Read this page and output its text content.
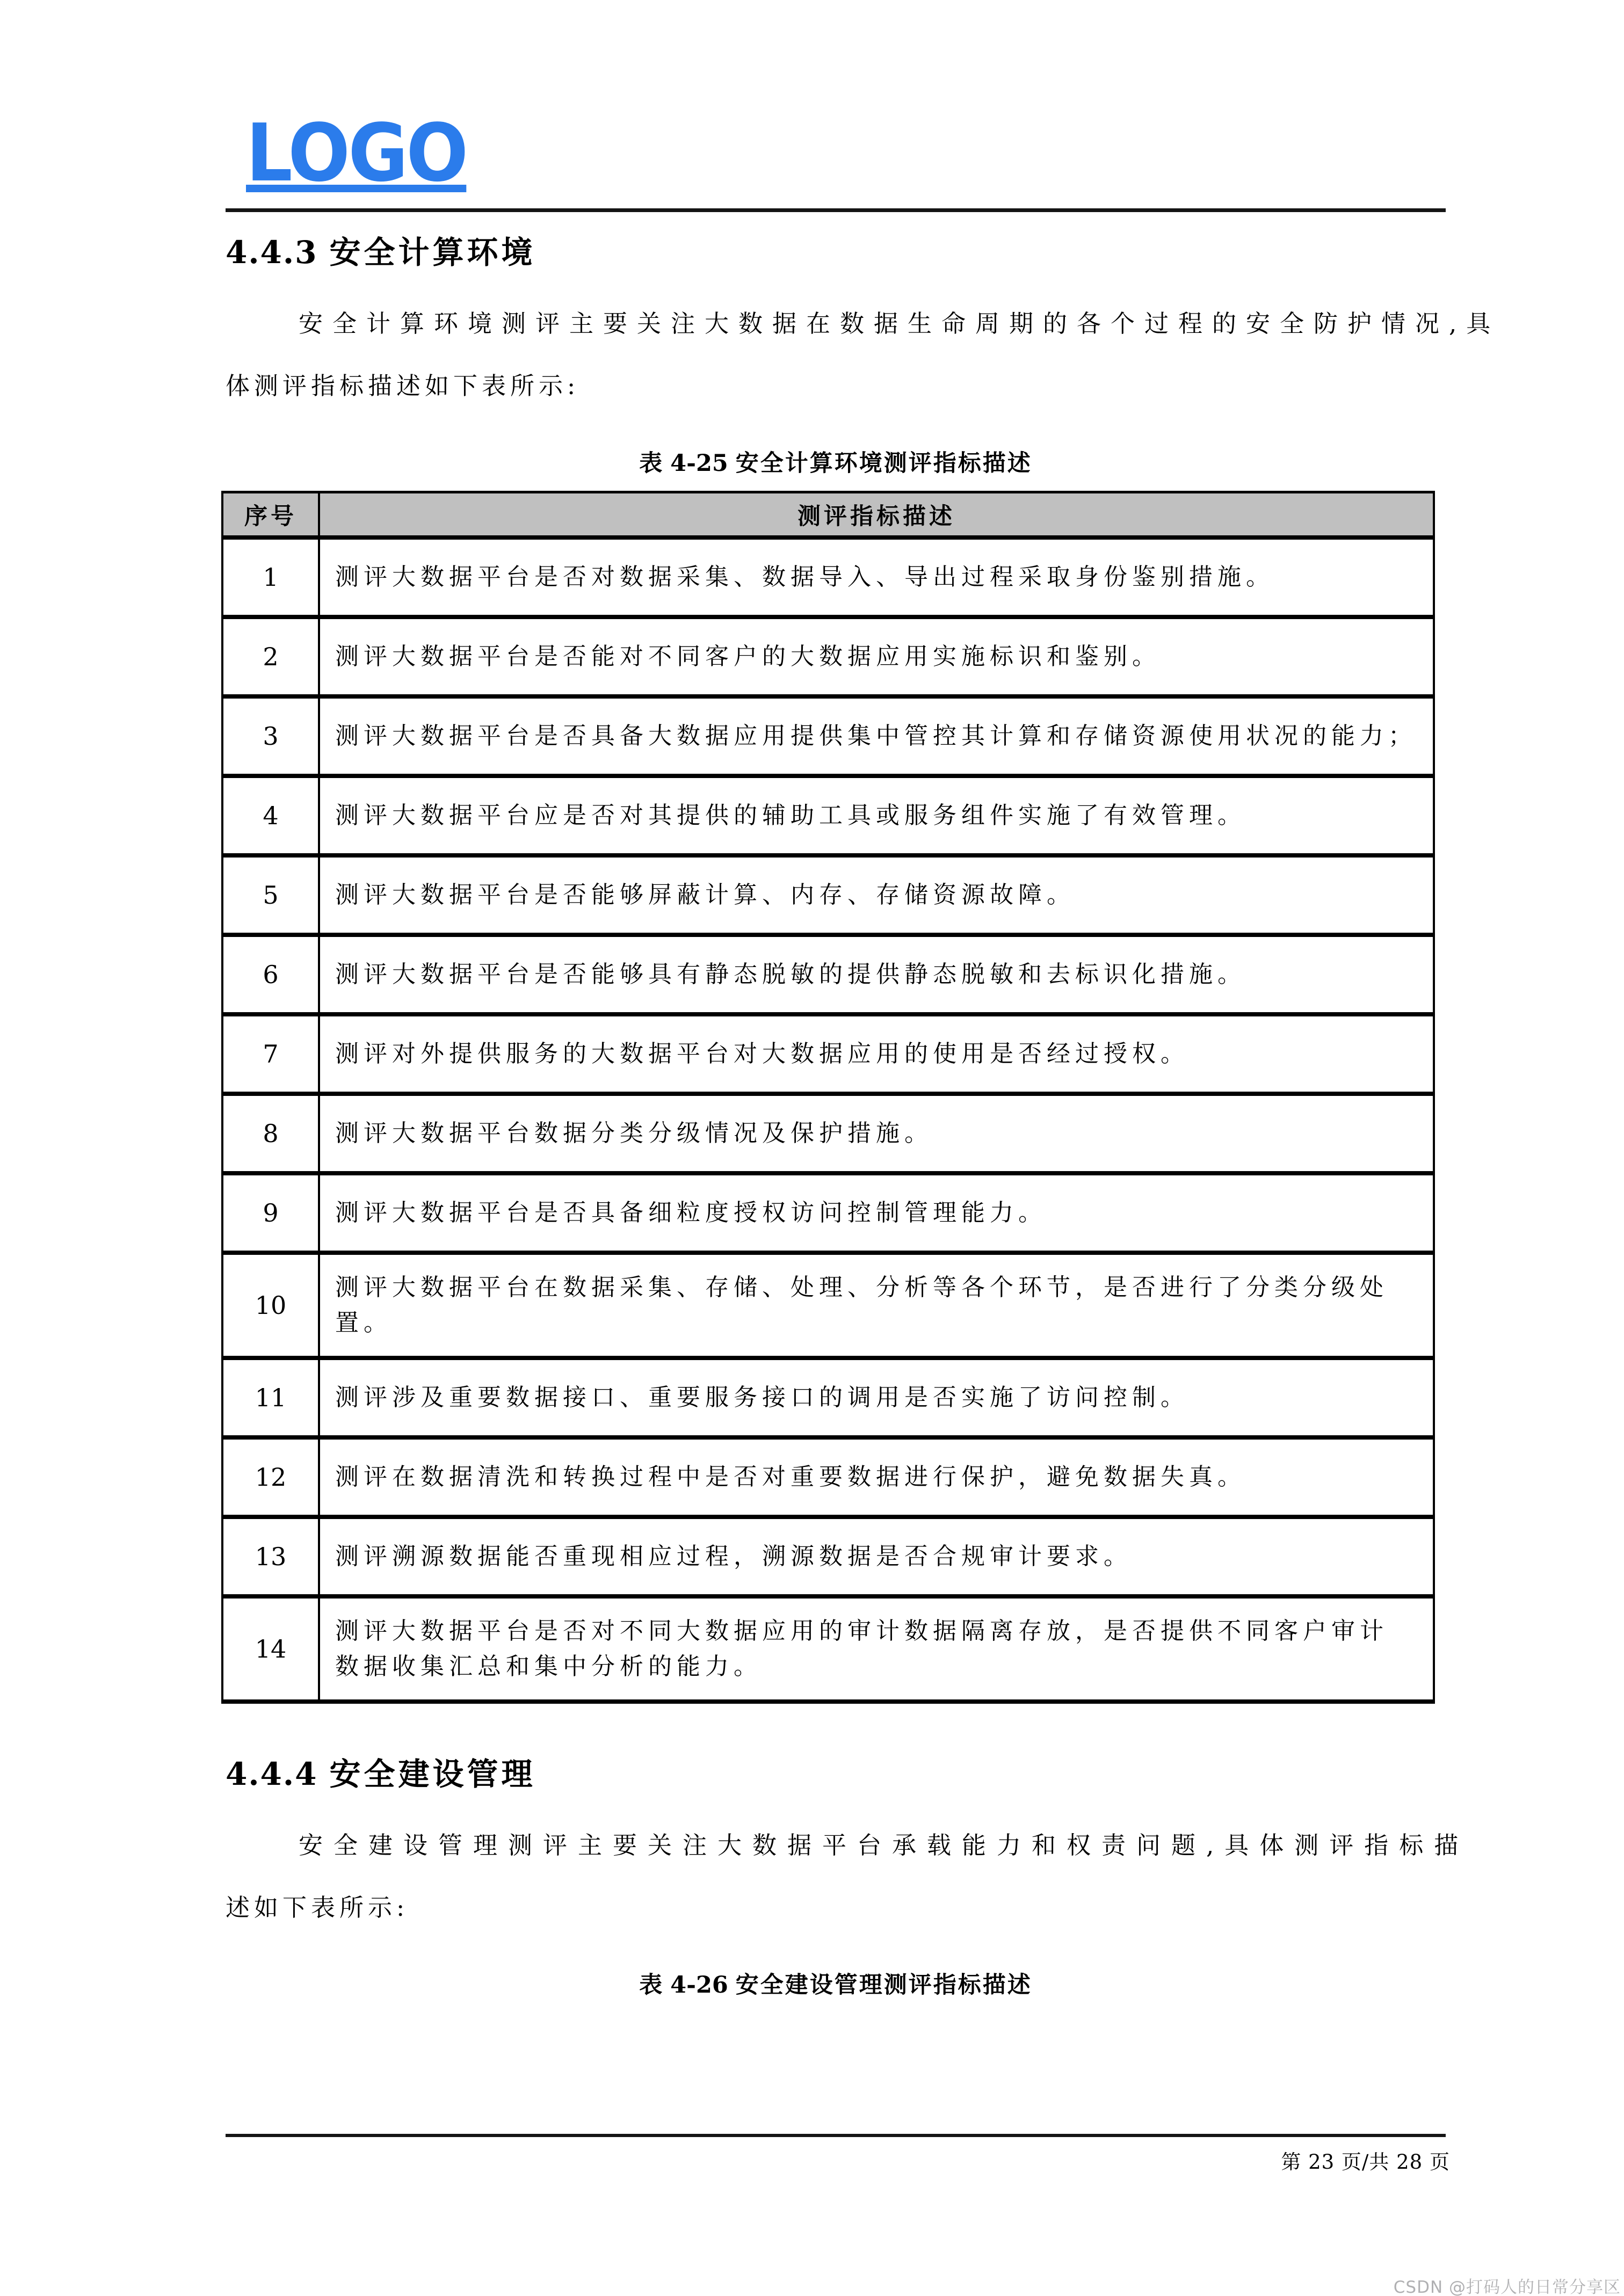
LOGO
4.4.3 安全计算环境
安全计算环境测评主要关注大数据在数据生命周期的各个过程的安全防护情况,具
体测评指标描述如下表所示:
表 4-25 安全计算环境测评指标描述
序号	测评指标描述
1	测评大数据平台是否对数据采集、数据导入、导出过程采取身份鉴别措施。

2	测评大数据平台是否能对不同客户的大数据应用实施标识和鉴别。

3	测评大数据平台是否具备大数据应用提供集中管控其计算和存储资源使用状况的能力；

4	测评大数据平台应是否对其提供的辅助工具或服务组件实施了有效管理。

5	测评大数据平台是否能够屏蔽计算、内存、存储资源故障。

6	测评大数据平台是否能够具有静态脱敏的提供静态脱敏和去标识化措施。

7	测评对外提供服务的大数据平台对大数据应用的使用是否经过授权。

8	测评大数据平台数据分类分级情况及保护措施。

9	测评大数据平台是否具备细粒度授权访问控制管理能力。

10	测评大数据平台在数据采集、存储、处理、分析等各个环节，是否进行了分类分级处
置。

11	测评涉及重要数据接口、重要服务接口的调用是否实施了访问控制。

12	测评在数据清洗和转换过程中是否对重要数据进行保护，避免数据失真。

13	测评溯源数据能否重现相应过程，溯源数据是否合规审计要求。

14	测评大数据平台是否对不同大数据应用的审计数据隔离存放，是否提供不同客户审计
数据收集汇总和集中分析的能力。
4.4.4 安全建设管理
安全建设管理测评主要关注大数据平台承载能力和权责问题,具体测评指标描
述如下表所示:
表 4-26 安全建设管理测评指标描述
第 23 页/共 28 页
CSDN @打码人的日常分享区
